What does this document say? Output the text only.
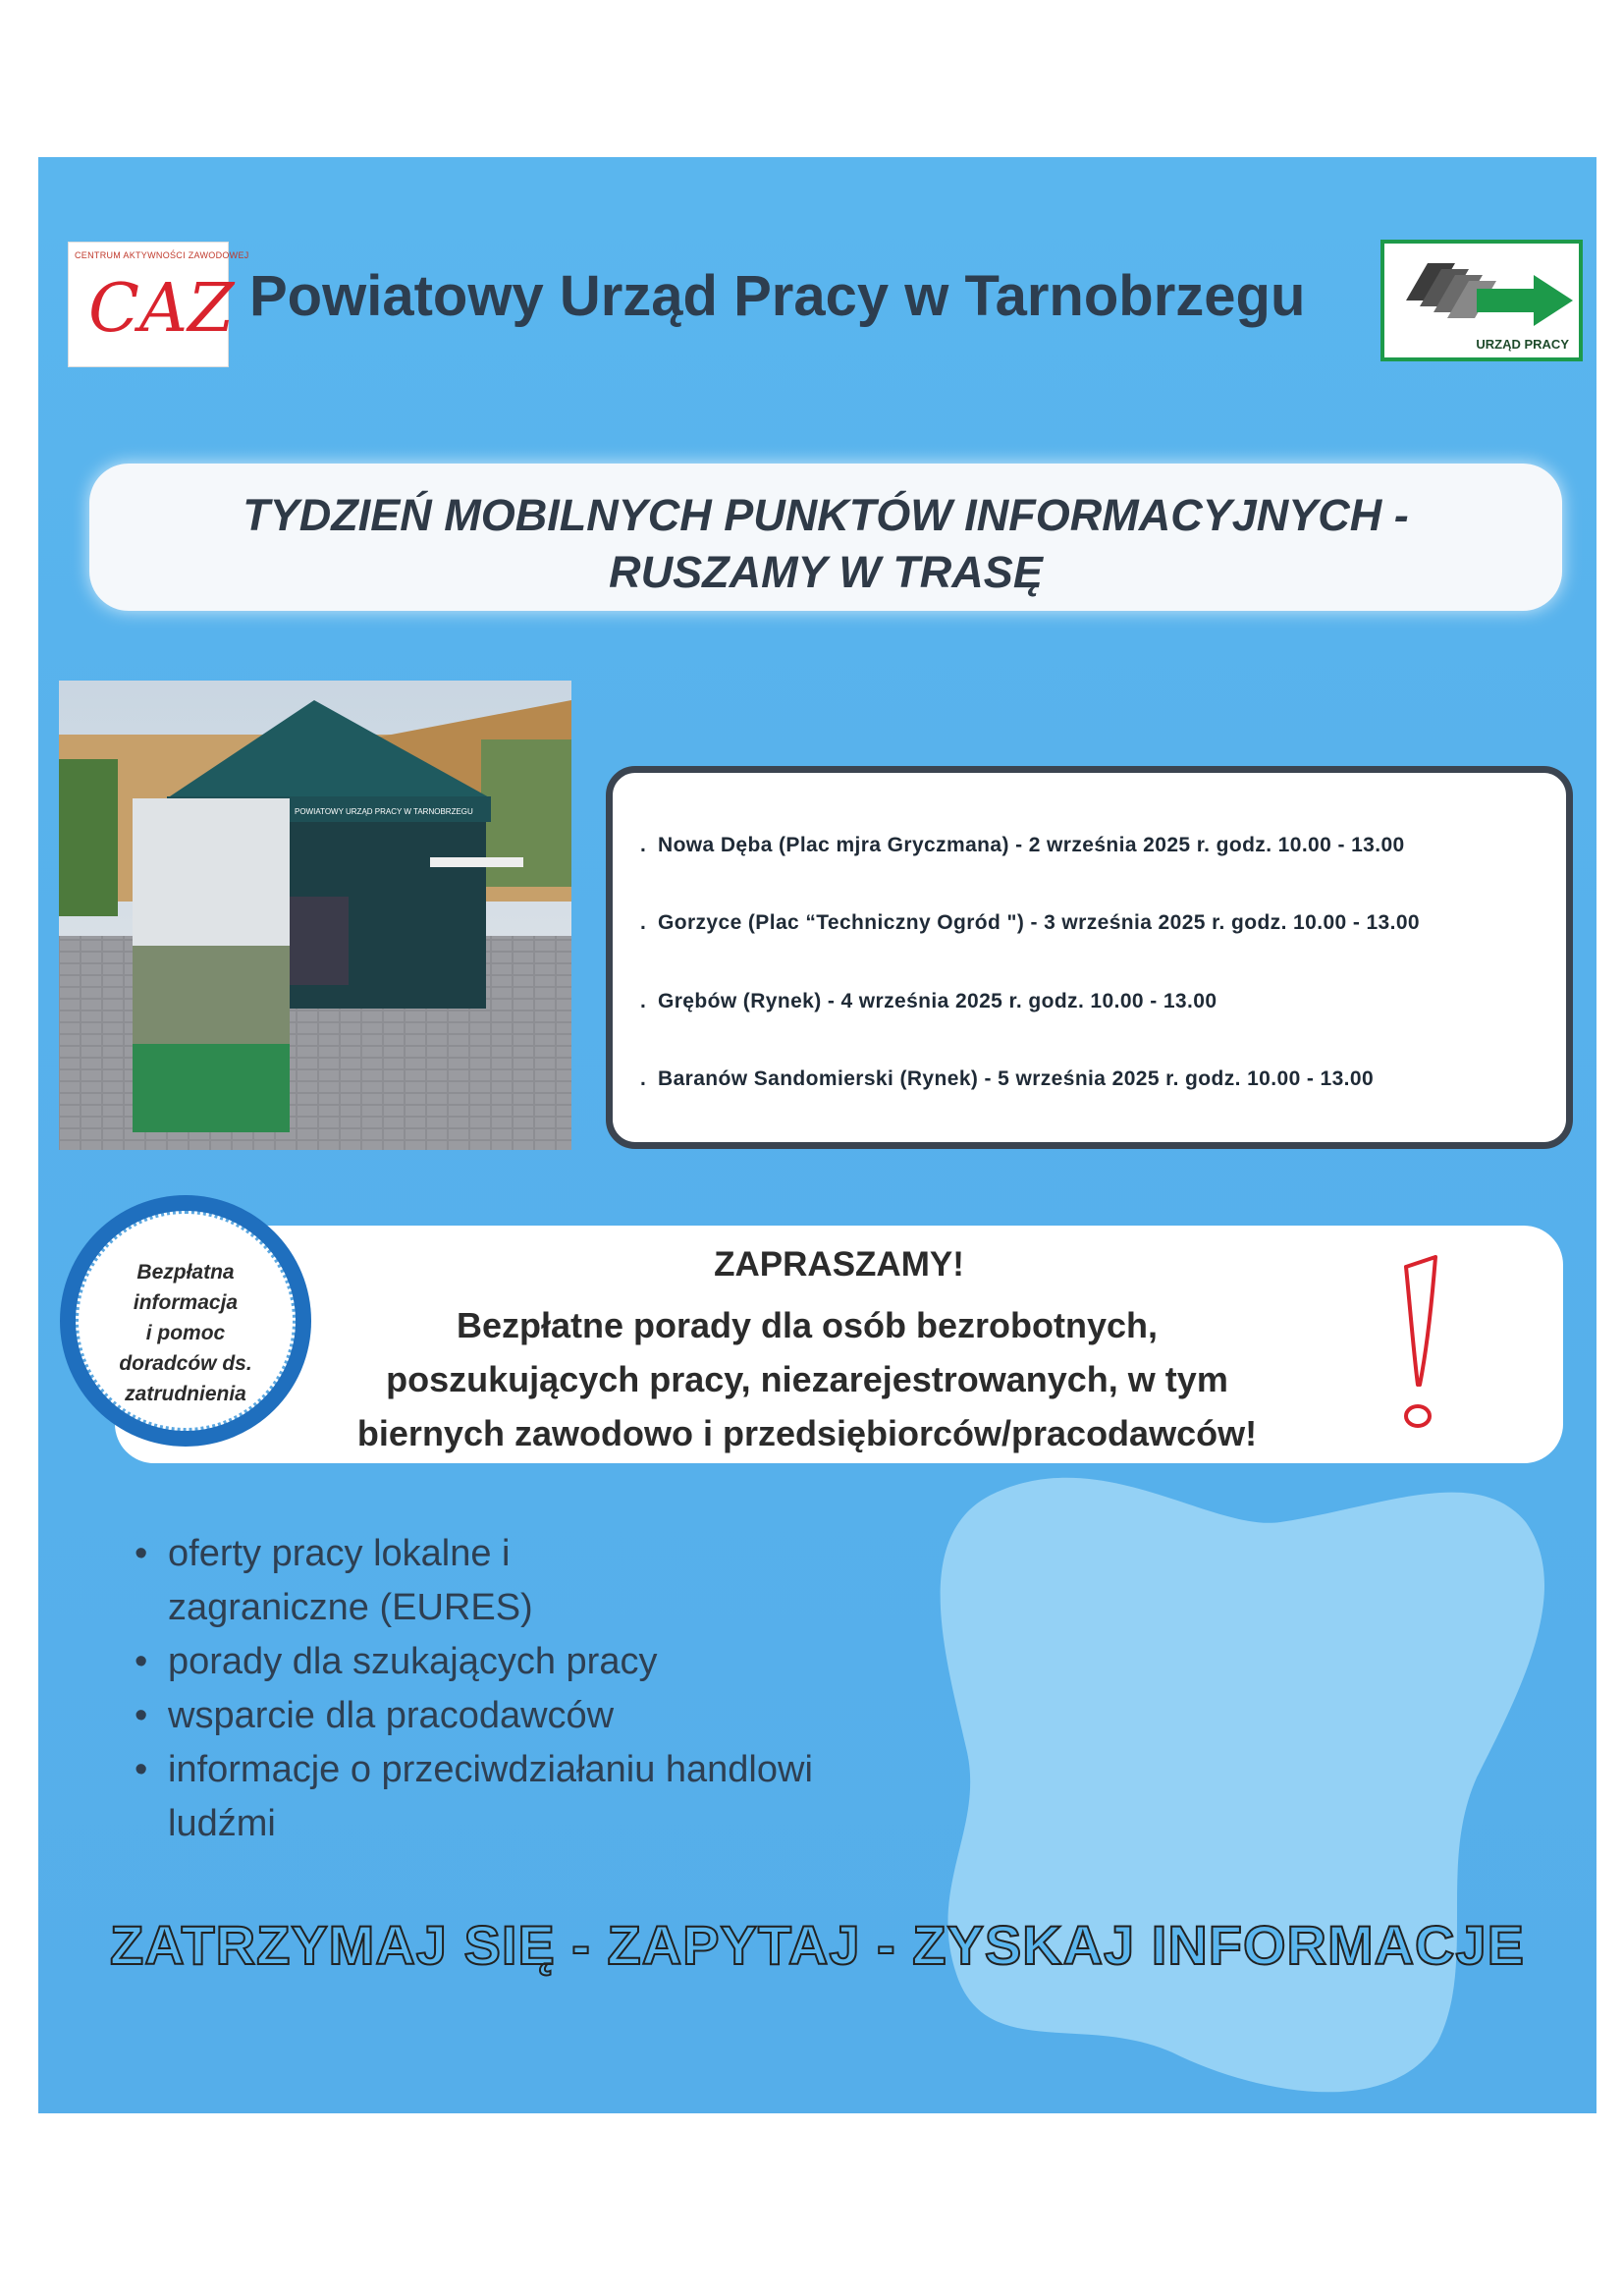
CENTRUM AKTYWNOŚCI ZAWODOWEJ
CAZ Powiatowy Urząd Pracy w Tarnobrzegu
URZĄD PRACY
TYDZIEŃ MOBILNYCH PUNKTÓW INFORMACYJNYCH -
RUSZAMY W TRASĘ
POWIATOWY URZĄD PRACY W TARNOBRZEGU
. Nowa Dęba (Plac mjra Gryczmana) - 2 września 2025 r. godz. 10.00 - 13.00
. Gorzyce (Plac “Techniczny Ogród ") - 3 września 2025 r. godz. 10.00 - 13.00
. Grębów (Rynek) - 4 września 2025 r. godz. 10.00 - 13.00
. Baranów Sandomierski (Rynek) - 5 września 2025 r. godz. 10.00 - 13.00
ZAPRASZAMY!
Bezpłatne porady dla osób bezrobotnych,
poszukujących pracy, niezarejestrowanych, w tym
biernych zawodowo i przedsiębiorców/pracodawców!
Bezpłatna
informacja
i pomoc
doradców ds.
zatrudnienia
• oferty pracy lokalne i
zagraniczne (EURES)
• porady dla szukających pracy
• wsparcie dla pracodawców
• informacje o przeciwdziałaniu handlowi
ludźmi
ZATRZYMAJ SIĘ - ZAPYTAJ - ZYSKAJ INFORMACJE
